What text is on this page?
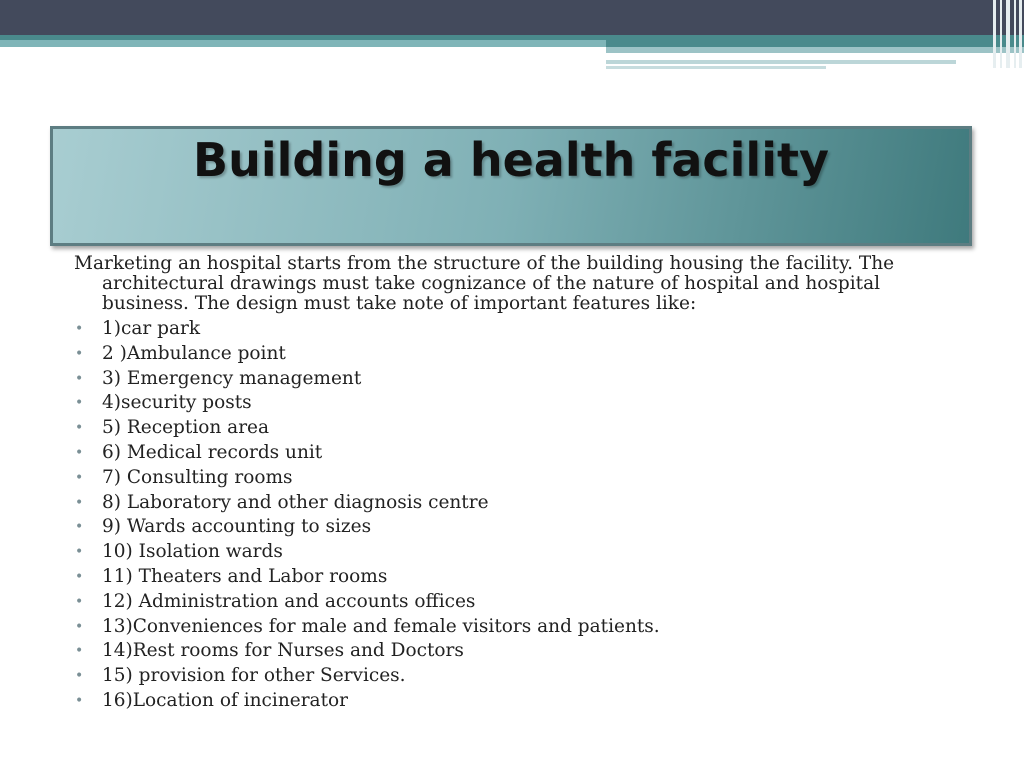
Building a health facility

Marketing an hospital starts from the structure of the building housing the facility. The architectural drawings must take cognizance of the nature of hospital and hospital business. The design must take note of important features like:

• 1)car park
• 2 )Ambulance point
• 3) Emergency management
• 4)security posts
• 5) Reception area
• 6) Medical records unit
• 7) Consulting rooms
• 8) Laboratory and other diagnosis centre
• 9) Wards accounting to sizes
• 10) Isolation wards
• 11) Theaters and Labor rooms
• 12) Administration and accounts offices
• 13)Conveniences for male and female visitors and patients.
• 14)Rest rooms for Nurses and Doctors
• 15) provision for other Services.
• 16)Location of incinerator
